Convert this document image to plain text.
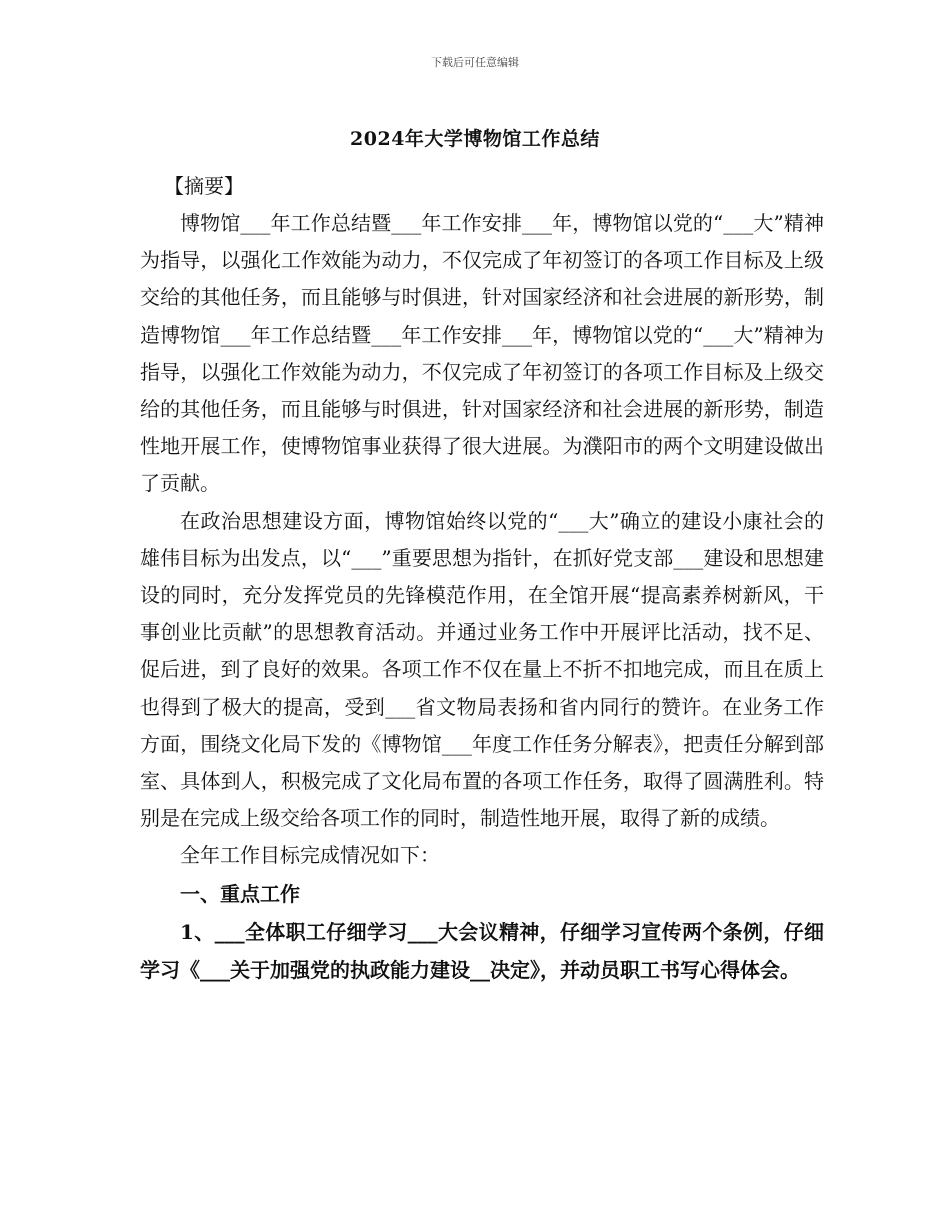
下载后可任意编辑
2024年大学博物馆工作总结

【摘要】

博物馆___年工作总结暨___年工作安排___年，博物馆以党的“___大”精神为指导，以强化工作效能为动力，不仅完成了年初签订的各项工作目标及上级交给的其他任务，而且能够与时俱进，针对国家经济和社会进展的新形势，制造博物馆___年工作总结暨___年工作安排___年，博物馆以党的“___大”精神为指导，以强化工作效能为动力，不仅完成了年初签订的各项工作目标及上级交给的其他任务，而且能够与时俱进，针对国家经济和社会进展的新形势，制造性地开展工作，使博物馆事业获得了很大进展。为濮阳市的两个文明建设做出了贡献。

在政治思想建设方面，博物馆始终以党的“___大”确立的建设小康社会的雄伟目标为出发点，以“___”重要思想为指针，在抓好党支部___建设和思想建设的同时，充分发挥党员的先锋模范作用，在全馆开展“提高素养树新风，干事创业比贡献”的思想教育活动。并通过业务工作中开展评比活动，找不足、促后进，到了良好的效果。各项工作不仅在量上不折不扣地完成，而且在质上也得到了极大的提高，受到___省文物局表扬和省内同行的赞许。在业务工作方面，围绕文化局下发的《博物馆___年度工作任务分解表》，把责任分解到部室、具体到人，积极完成了文化局布置的各项工作任务，取得了圆满胜利。特别是在完成上级交给各项工作的同时，制造性地开展，取得了新的成绩。

全年工作目标完成情况如下：

一、重点工作

1、___全体职工仔细学习___大会议精神，仔细学习宣传两个条例，仔细学习《___关于加强党的执政能力建设__决定》，并动员职工书写心得体会。
